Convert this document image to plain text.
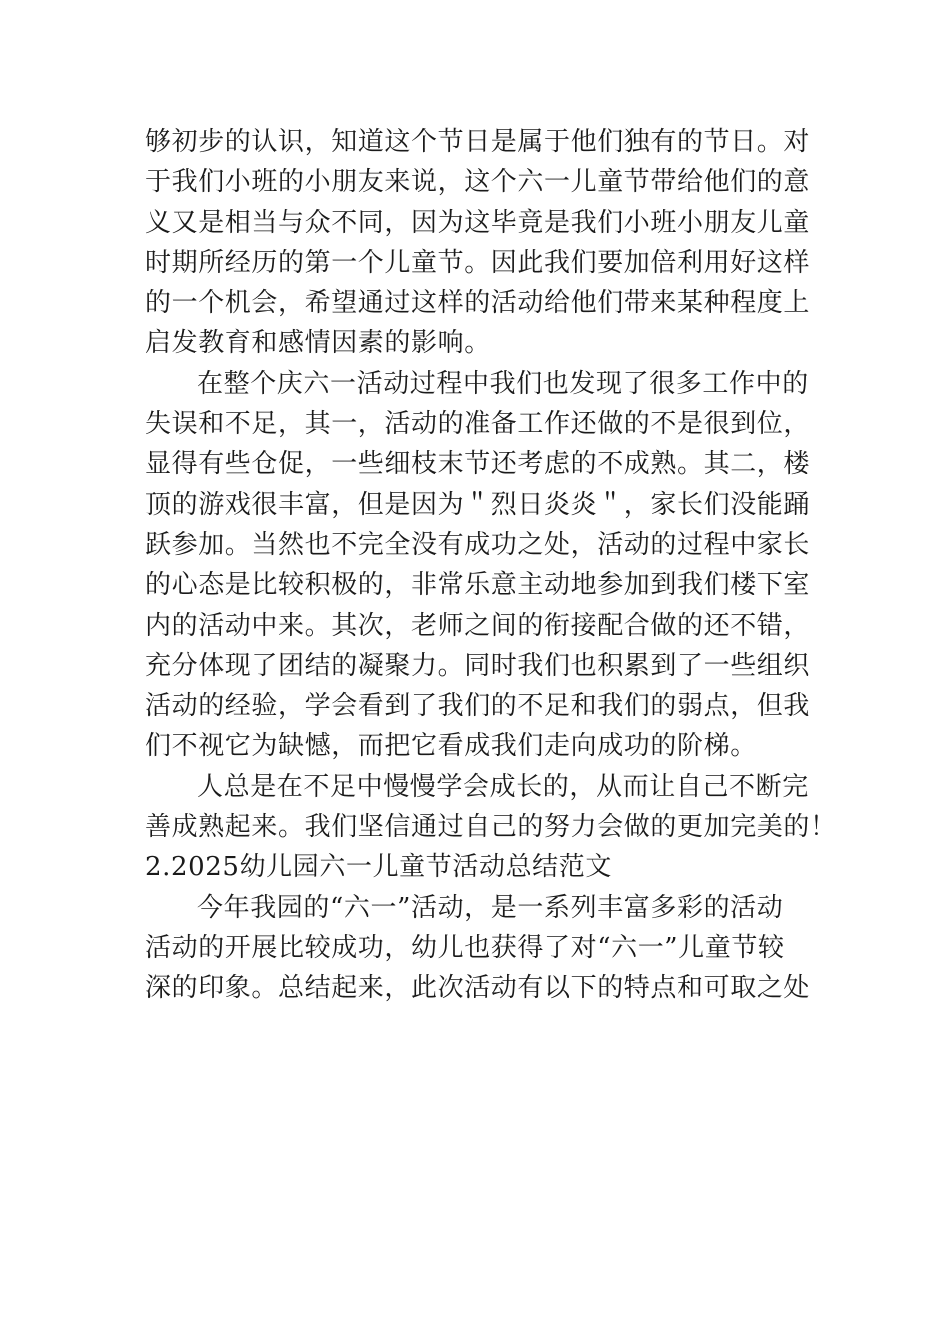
够初步的认识，知道这个节日是属于他们独有的节日。对
于我们小班的小朋友来说，这个六一儿童节带给他们的意
义又是相当与众不同，因为这毕竟是我们小班小朋友儿童
时期所经历的第一个儿童节。因此我们要加倍利用好这样
的一个机会，希望通过这样的活动给他们带来某种程度上
启发教育和感情因素的影响。

在整个庆六一活动过程中我们也发现了很多工作中的
失误和不足，其一，活动的准备工作还做的不是很到位，
显得有些仓促，一些细枝末节还考虑的不成熟。其二，楼
顶的游戏很丰富，但是因为＂烈日炎炎＂，家长们没能踊
跃参加。当然也不完全没有成功之处，活动的过程中家长
的心态是比较积极的，非常乐意主动地参加到我们楼下室
内的活动中来。其次，老师之间的衔接配合做的还不错，
充分体现了团结的凝聚力。同时我们也积累到了一些组织
活动的经验，学会看到了我们的不足和我们的弱点，但我
们不视它为缺憾，而把它看成我们走向成功的阶梯。

人总是在不足中慢慢学会成长的，从而让自己不断完
善成熟起来。我们坚信通过自己的努力会做的更加完美的！

2.2025幼儿园六一儿童节活动总结范文

今年我园的“六一”活动，是一系列丰富多彩的活动
活动的开展比较成功，幼儿也获得了对“六一”儿童节较
深的印象。总结起来，此次活动有以下的特点和可取之处
